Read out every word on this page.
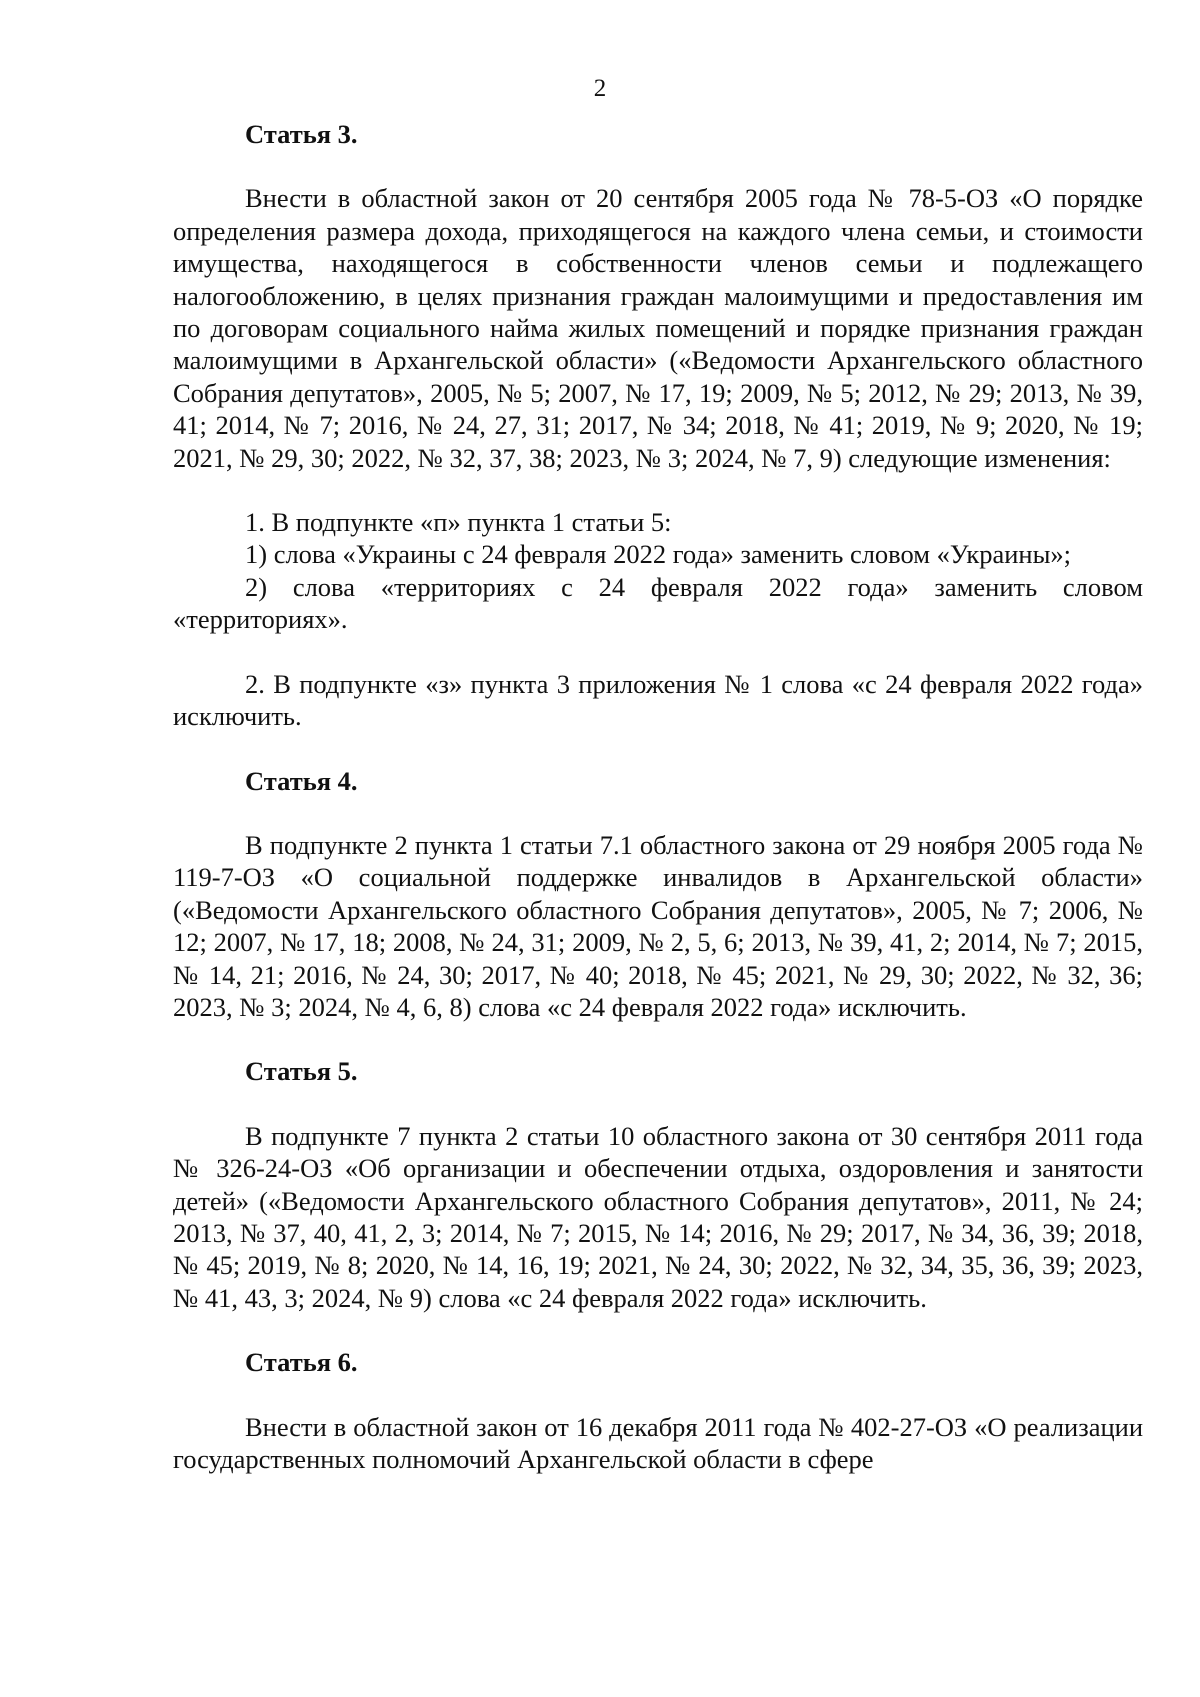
2

Статья 3.

Внести в областной закон от 20 сентября 2005 года № 78-5-ОЗ «О порядке определения размера дохода, приходящегося на каждого члена семьи, и стоимости имущества, находящегося в собственности членов семьи и подлежащего налогообложению, в целях признания граждан малоимущими и предоставления им по договорам социального найма жилых помещений и порядке признания граждан малоимущими в Архангельской области» («Ведомости Архангельского областного Собрания депутатов», 2005, № 5; 2007, № 17, 19; 2009, № 5; 2012, № 29; 2013, № 39, 41; 2014, № 7; 2016, № 24, 27, 31; 2017, № 34; 2018, № 41; 2019, № 9; 2020, № 19; 2021, № 29, 30; 2022, № 32, 37, 38; 2023, № 3; 2024, № 7, 9) следующие изменения:

1. В подпункте «п» пункта 1 статьи 5:

1) слова «Украины с 24 февраля 2022 года» заменить словом «Украины»;

2) слова «территориях с 24 февраля 2022 года» заменить словом «территориях».

2. В подпункте «з» пункта 3 приложения № 1 слова «с 24 февраля 2022 года» исключить.

Статья 4.

В подпункте 2 пункта 1 статьи 7.1 областного закона от 29 ноября 2005 года № 119-7-ОЗ «О социальной поддержке инвалидов в Архангельской области» («Ведомости Архангельского областного Собрания депутатов», 2005, № 7; 2006, № 12; 2007, № 17, 18; 2008, № 24, 31; 2009, № 2, 5, 6; 2013, № 39, 41, 2; 2014, № 7; 2015, № 14, 21; 2016, № 24, 30; 2017, № 40; 2018, № 45; 2021, № 29, 30; 2022, № 32, 36; 2023, № 3; 2024, № 4, 6, 8) слова «с 24 февраля 2022 года» исключить.

Статья 5.

В подпункте 7 пункта 2 статьи 10 областного закона от 30 сентября 2011 года № 326-24-ОЗ «Об организации и обеспечении отдыха, оздоровления и занятости детей» («Ведомости Архангельского областного Собрания депутатов», 2011, № 24; 2013, № 37, 40, 41, 2, 3; 2014, № 7; 2015, № 14; 2016, № 29; 2017, № 34, 36, 39; 2018, № 45; 2019, № 8; 2020, № 14, 16, 19; 2021, № 24, 30; 2022, № 32, 34, 35, 36, 39; 2023, № 41, 43, 3; 2024, № 9) слова «с 24 февраля 2022 года» исключить.

Статья 6.

Внести в областной закон от 16 декабря 2011 года № 402-27-ОЗ «О реализации государственных полномочий Архангельской области в сфере
